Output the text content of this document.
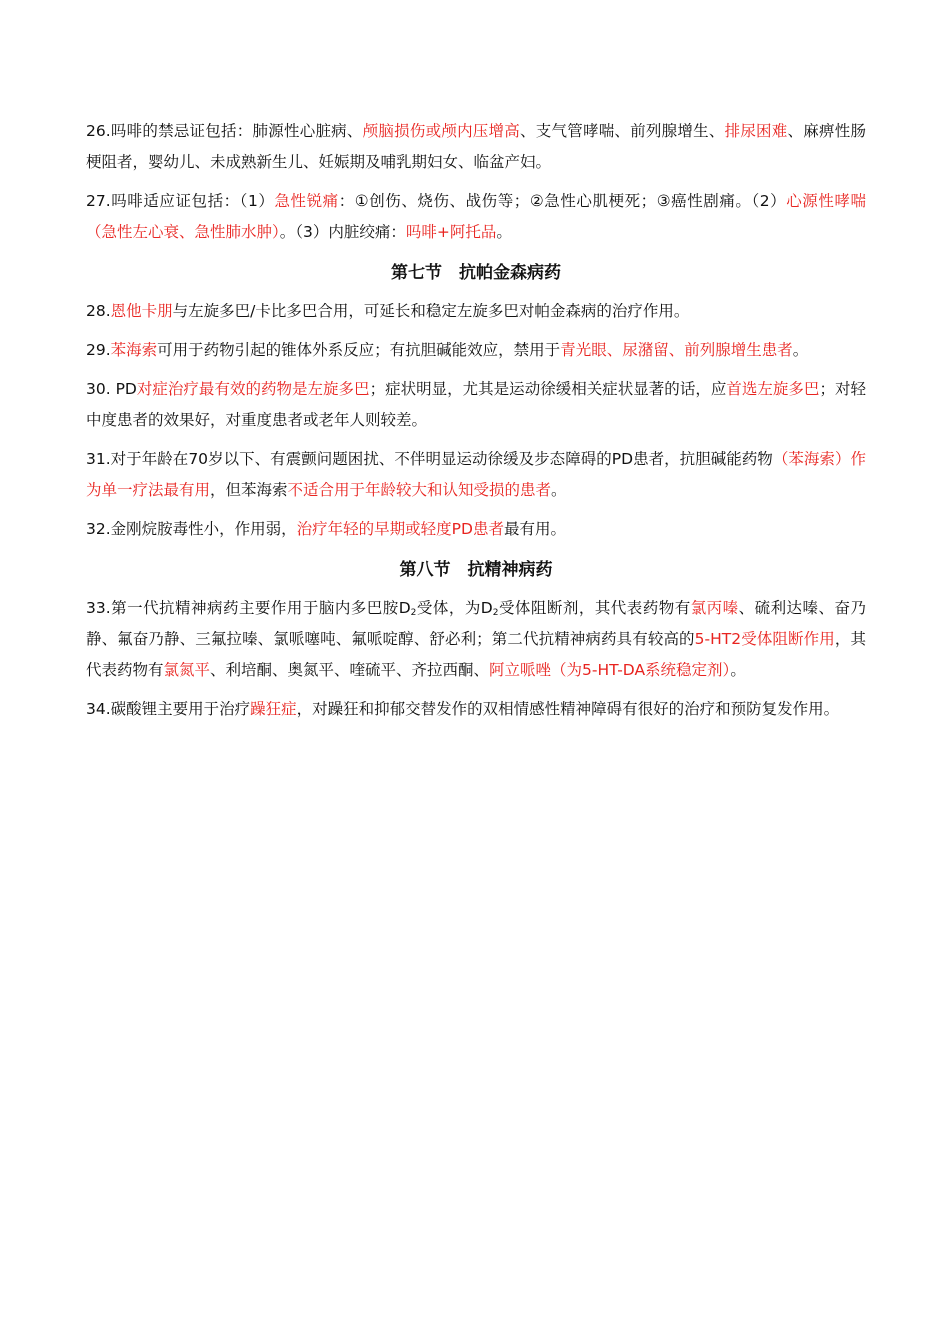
26.吗啡的禁忌证包括：肺源性心脏病、颅脑损伤或颅内压增高、支气管哮喘、前列腺增生、排尿困难、麻痹性肠梗阻者，婴幼儿、未成熟新生儿、妊娠期及哺乳期妇女、临盆产妇。

27.吗啡适应证包括：（1）急性锐痛：①创伤、烧伤、战伤等；②急性心肌梗死；③癌性剧痛。（2）心源性哮喘（急性左心衰、急性肺水肿）。（3）内脏绞痛：吗啡+阿托品。

第七节　抗帕金森病药

28.恩他卡朋与左旋多巴/卡比多巴合用，可延长和稳定左旋多巴对帕金森病的治疗作用。

29.苯海索可用于药物引起的锥体外系反应；有抗胆碱能效应，禁用于青光眼、尿潴留、前列腺增生患者。

30. PD对症治疗最有效的药物是左旋多巴；症状明显，尤其是运动徐缓相关症状显著的话，应首选左旋多巴；对轻中度患者的效果好，对重度患者或老年人则较差。

31.对于年龄在70岁以下、有震颤问题困扰、不伴明显运动徐缓及步态障碍的PD患者，抗胆碱能药物（苯海索）作为单一疗法最有用，但苯海索不适合用于年龄较大和认知受损的患者。

32.金刚烷胺毒性小，作用弱，治疗年轻的早期或轻度PD患者最有用。

第八节　抗精神病药

33.第一代抗精神病药主要作用于脑内多巴胺$D_2$受体，为$D_2$受体阻断剂，其代表药物有氯丙嗪、硫利达嗪、奋乃静、氟奋乃静、三氟拉嗪、氯哌噻吨、氟哌啶醇、舒必利；第二代抗精神病药具有较高的5-HT2受体阻断作用，其代表药物有氯氮平、利培酮、奥氮平、喹硫平、齐拉西酮、阿立哌唑（为5-HT-DA系统稳定剂）。

34.碳酸锂主要用于治疗躁狂症，对躁狂和抑郁交替发作的双相情感性精神障碍有很好的治疗和预防复发作用。
